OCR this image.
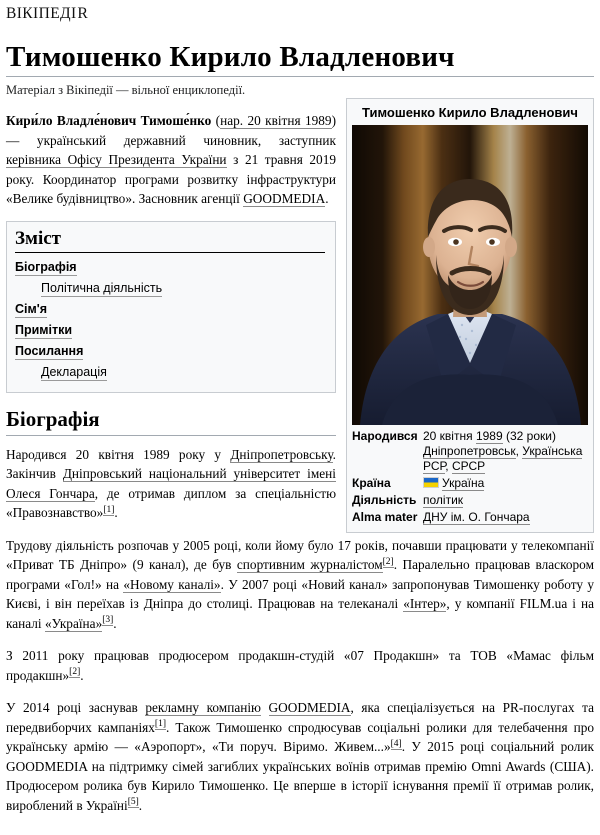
Тимошенко Кирило Владленович
Народився	20 квітня 1989 (32 роки)
Дніпропетровськ, Українська РСР, СРСР

Країна	Україна
Діяльність	політик
Alma mater	ДНУ ім. О. Гончара
ВІКІПЕДІЯ
Тимошенко Кирило Владленович
Матеріал з Вікіпедії — вільної енциклопедії.

Кири́ло Владле́нович Тимоше́нко (нар. 20 квітня 1989) — український державний чиновник, заступник керівника Офісу Президента України з 21 травня 2019 року. Координатор програми розвитку інфраструктури «Велике будівництво». Засновник агенції GOODMEDIA.

Зміст
Біографія
Політична діяльність
Сім'я
Примітки
Посилання
Декларація
Біографія

Народився 20 квітня 1989 року у Дніпропетровську. Закінчив Дніпровський національний університет імені Олеся Гончара, де отримав диплом за спеціальністю «Правознавство»[1].

Трудову діяльність розпочав у 2005 році, коли йому було 17 років, почавши працювати у телекомпанії «Приват ТБ Дніпро» (9 канал), де був спортивним журналістом[2]. Паралельно працював власкором програми «Гол!» на «Новому каналі». У 2007 році «Новий канал» запропонував Тимошенку роботу у Києві, і він переїхав із Дніпра до столиці. Працював на телеканалі «Інтер», у компанії FILM.ua і на каналі «Україна»[3].

З 2011 року працював продюсером продакшн-студій «07 Продакшн» та ТОВ «Мамас фільм продакшн»[2].

У 2014 році заснував рекламну компанію GOODMEDIA, яка спеціалізується на PR-послугах та передвиборчих кампаніях[1]. Також Тимошенко спродюсував соціальні ролики для телебачення про українську армію — «Аэропорт», «Ти поруч. Віримо. Живем...»[4]. У 2015 році соціальний ролик GOODMEDIA на підтримку сімей загиблих українських воїнів отримав премію Omni Awards (США). Продюсером ролика був Кирило Тимошенко. Це вперше в історії існування премії її отримав ролик, вироблений в Україні[5].
